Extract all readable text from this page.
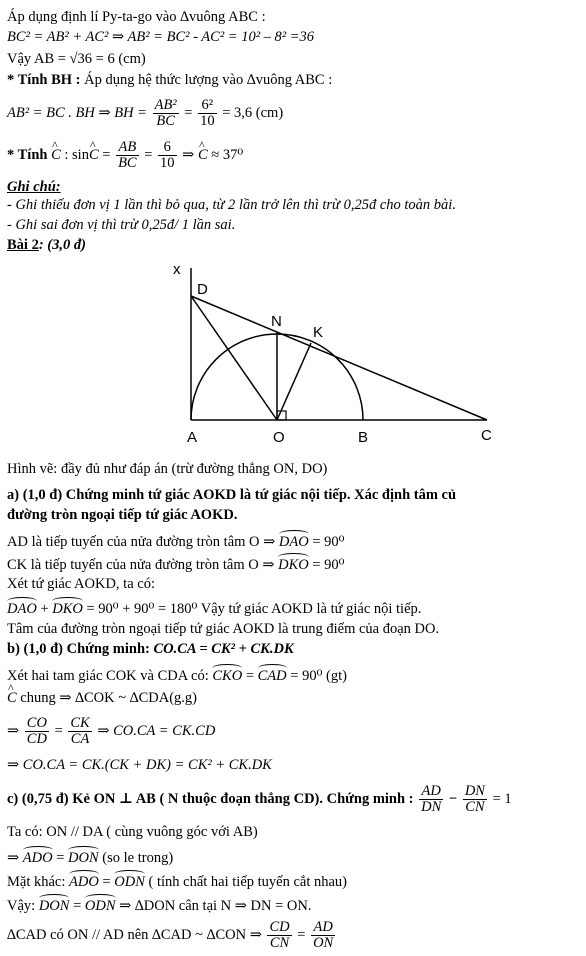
Áp dụng định lí Py-ta-go vào ∆vuông ABC :
BC² = AB² + AC² ⇒ AB² = BC² - AC² = 10² – 8² =36
Vậy AB = √36 = 6 (cm)
* Tính BH : Áp dụng hệ thức lượng vào ∆vuông ABC :
AB² = BC . BH ⇒ BH = $\frac{\text{AB²}}{BC} = \frac{\text{6²}}{10} = 3,6$ (cm)
* Tính ^ C : sin^ $C = \frac{AB}{BC} = \frac{6}{10}$ ⇒ ^ C ≈ 37⁰
Ghi chú:
- Ghi thiếu đơn vị 1 lần thì bỏ qua, từ 2 lần trở lên thì trừ 0,25đ cho toàn bài.
- Ghi sai đơn vị thì trừ 0,25đ/ 1 lần sai.
Bài 2: (3,0 đ)
x
D
N
K
A	O	B	C
Hình vẽ: đầy đủ như đáp án (trừ đường thẳng ON, DO)
a) (1,0 đ) Chứng minh tứ giác AOKD là tứ giác nội tiếp. Xác định tâm củ
đường tròn ngoại tiếp tứ giác AOKD.
AD là tiếp tuyến của nửa đường tròn tâm O ⇒ DAO = 90⁰
CK là tiếp tuyến của nửa đường tròn tâm O ⇒ DKO = 90⁰
Xét tứ giác AOKD, ta có:
DAO + DKO = 90⁰ + 90⁰ = 180⁰ Vậy tứ giác AOKD là tứ giác nội tiếp.
Tâm của đường tròn ngoại tiếp tứ giác AOKD là trung điểm của đoạn DO.
b) (1,0 đ) Chứng minh: CO.CA = CK² + CK.DK
Xét hai tam giác COK và CDA có: CKO = CAD = 90⁰ (gt)
^ C chung ⇒ ∆COK ~ ∆CDA(g.g)
⇒ $\frac{CO}{CD} = \frac{CK}{CA}$ ⇒ CO.CA = CK.CD
⇒ CO.CA = CK.(CK + DK) = CK² + CK.DK
c) (0,75 đ) Kẻ ON ⊥ AB ( N thuộc đoạn thẳng CD). Chứng minh : $\frac{AD}{DN} - \frac{DN}{CN} = 1$
Ta có: ON // DA ( cùng vuông góc với AB)
⇒ ADO = DON (so le trong)
Mặt khác: ADO = ODN ( tính chất hai tiếp tuyến cắt nhau)
Vậy: DON = ODN ⇒ ∆DON cân tại N ⇒ DN = ON.
∆CAD có ON // AD nên ∆CAD ~ ∆CON ⇒ $\frac{CD}{CN} = \frac{AD}{ON}$
